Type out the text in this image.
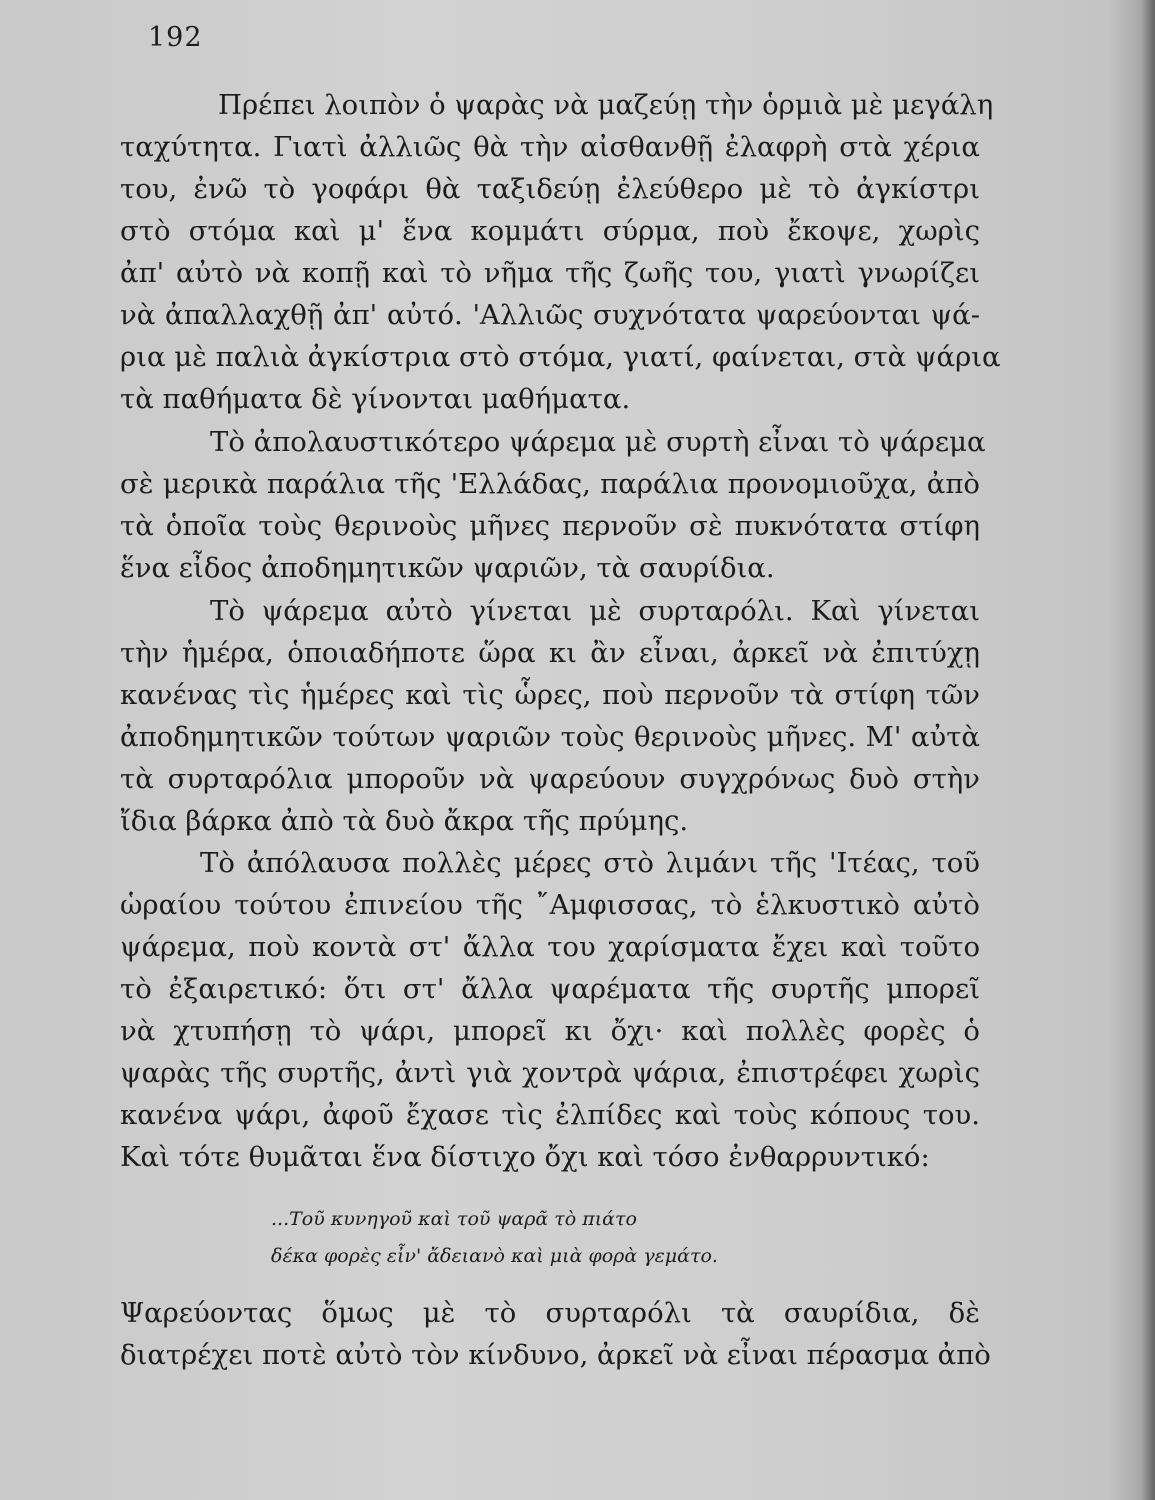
192
Πρέπει λοιπὸν ὁ ψαρὰς νὰ μαζεύῃ τὴν ὁρμιὰ μὲ μεγάλη
ταχύτητα. Γιατὶ ἀλλιῶς θὰ τὴν αἰσθανθῇ ἐλαφρὴ στὰ χέρια
του, ἐνῶ τὸ γοφάρι θὰ ταξιδεύῃ ἐλεύθερο μὲ τὸ ἀγκίστρι
στὸ στόμα καὶ μ' ἕνα κομμάτι σύρμα, ποὺ ἔκοψε, χωρὶς
ἀπ' αὐτὸ νὰ κοπῇ καὶ τὸ νῆμα τῆς ζωῆς του, γιατὶ γνωρίζει
νὰ ἀπαλλαχθῇ ἀπ' αὐτό. 'Αλλιῶς συχνότατα ψαρεύονται ψά-
ρια μὲ παλιὰ ἀγκίστρια στὸ στόμα, γιατί, φαίνεται, στὰ ψάρια
τὰ παθήματα δὲ γίνονται μαθήματα.
Τὸ ἀπολαυστικότερο ψάρεμα μὲ συρτὴ εἶναι τὸ ψάρεμα
σὲ μερικὰ παράλια τῆς 'Ελλάδας, παράλια προνομιοῦχα, ἀπὸ
τὰ ὁποῖα τοὺς θερινοὺς μῆνες περνοῦν σὲ πυκνότατα στίφη
ἕνα εἶδος ἀποδημητικῶν ψαριῶν, τὰ σαυρίδια.
Τὸ ψάρεμα αὐτὸ γίνεται μὲ συρταρόλι. Καὶ γίνεται
τὴν ἡμέρα, ὁποιαδήποτε ὥρα κι ἂν εἶναι, ἀρκεῖ νὰ ἐπιτύχῃ
κανένας τὶς ἡμέρες καὶ τὶς ὧρες, ποὺ περνοῦν τὰ στίφη τῶν
ἀποδημητικῶν τούτων ψαριῶν τοὺς θερινοὺς μῆνες. Μ' αὐτὰ
τὰ συρταρόλια μποροῦν νὰ ψαρεύουν συγχρόνως δυὸ στὴν
ἴδια βάρκα ἀπὸ τὰ δυὸ ἄκρα τῆς πρύμης.
Τὸ ἀπόλαυσα πολλὲς μέρες στὸ λιμάνι τῆς 'Ιτέας, τοῦ
ὡραίου τούτου ἐπινείου τῆς ῎Αμφισσας, τὸ ἑλκυστικὸ αὐτὸ
ψάρεμα, ποὺ κοντὰ στ' ἄλλα του χαρίσματα ἔχει καὶ τοῦτο
τὸ ἐξαιρετικό: ὅτι στ' ἄλλα ψαρέματα τῆς συρτῆς μπορεῖ
νὰ χτυπήσῃ τὸ ψάρι, μπορεῖ κι ὄχι· καὶ πολλὲς φορὲς ὁ
ψαρὰς τῆς συρτῆς, ἀντὶ γιὰ χοντρὰ ψάρια, ἐπιστρέφει χωρὶς
κανένα ψάρι, ἀφοῦ ἔχασε τὶς ἐλπίδες καὶ τοὺς κόπους του.
Καὶ τότε θυμᾶται ἕνα δίστιχο ὄχι καὶ τόσο ἐνθαρρυντικό:
Ψαρεύοντας ὅμως μὲ τὸ συρταρόλι τὰ σαυρίδια, δὲ
διατρέχει ποτὲ αὐτὸ τὸν κίνδυνο, ἀρκεῖ νὰ εἶναι πέρασμα ἀπὸ
...Τοῦ κυνηγοῦ καὶ τοῦ ψαρᾶ τὸ πιάτο
δέκα φορὲς εἶν' ἄδειανὸ καὶ μιὰ φορὰ γεμάτο.
